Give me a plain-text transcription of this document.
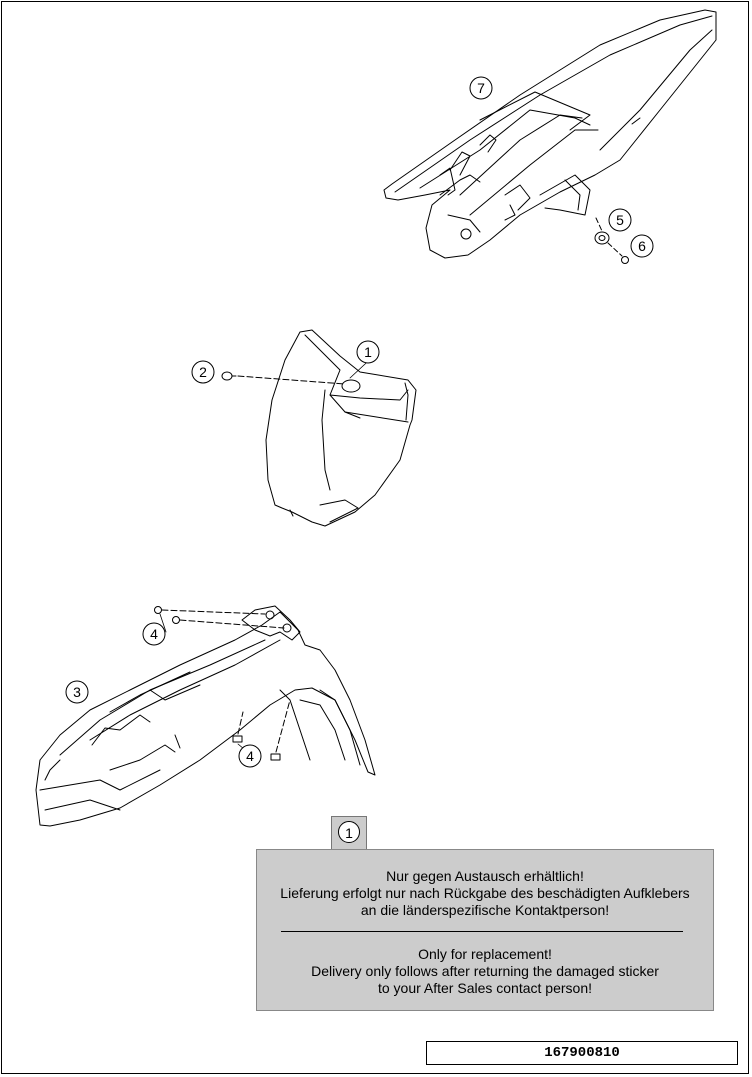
1
2
3
4
4
5
6
7
1
Nur gegen Austausch erhältlich!
Lieferung erfolgt nur nach Rückgabe des beschädigten Aufklebers
an die länderspezifische Kontaktperson!
Only for replacement!
Delivery only follows after returning the damaged sticker
to your After Sales contact person!
167900810
